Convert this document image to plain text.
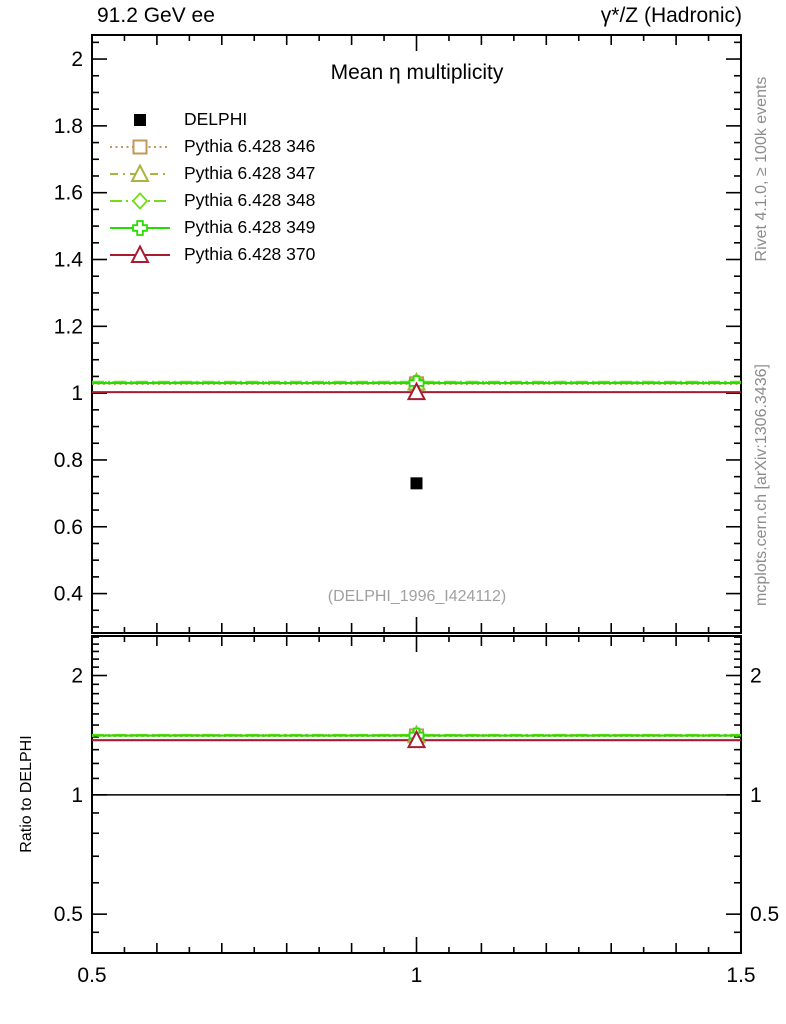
0.5	1	1.5
0.4
0.6
0.8
1
1.2
1.4
1.6
1.8
2
0.5	0.5
1	1
2	2
91.2 GeV ee	γ*/Z (Hadronic)
Mean η multiplicity
(DELPHI_1996_I424112)
Rivet 4.1.0, ≥ 100k events
mcplots.cern.ch [arXiv:1306.3436]
Ratio to DELPHI
DELPHI
Pythia 6.428 346
Pythia 6.428 347
Pythia 6.428 348
Pythia 6.428 349
Pythia 6.428 370
